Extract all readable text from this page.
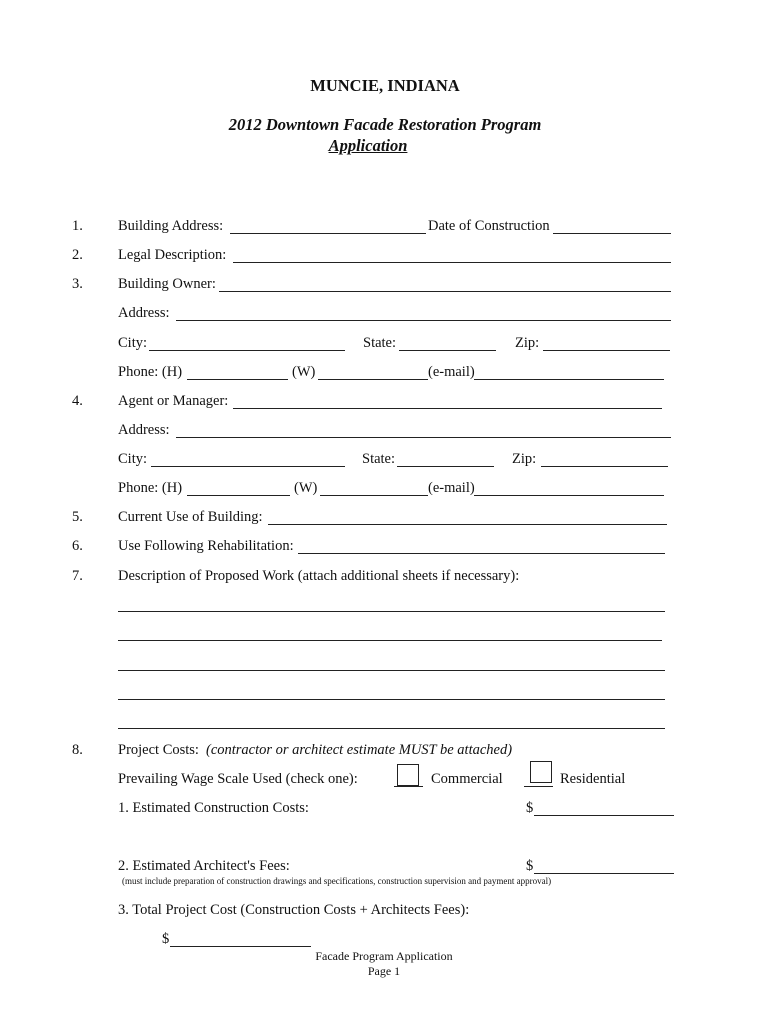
MUNCIE, INDIANA
2012 Downtown Facade Restoration Program
Application
1. Building Address:	Date of Construction
2. Legal Description:
3. Building Owner:
Address:
City:	State:	Zip:
Phone: (H)	(W)	(e-mail)
4. Agent or Manager:
Address:
City:	State:	Zip:
Phone: (H)	(W)	(e-mail)
5. Current Use of Building:
6. Use Following Rehabilitation:
7. Description of Proposed Work (attach additional sheets if necessary):
8. Project Costs: (contractor or architect estimate MUST be attached)
Prevailing Wage Scale Used (check one):	Commercial	Residential
1. Estimated Construction Costs:	$
2. Estimated Architect's Fees:	$
(must include preparation of construction drawings and specifications, construction supervision and payment approval)
3. Total Project Cost (Construction Costs + Architects Fees):
$
Facade Program Application
Page 1
